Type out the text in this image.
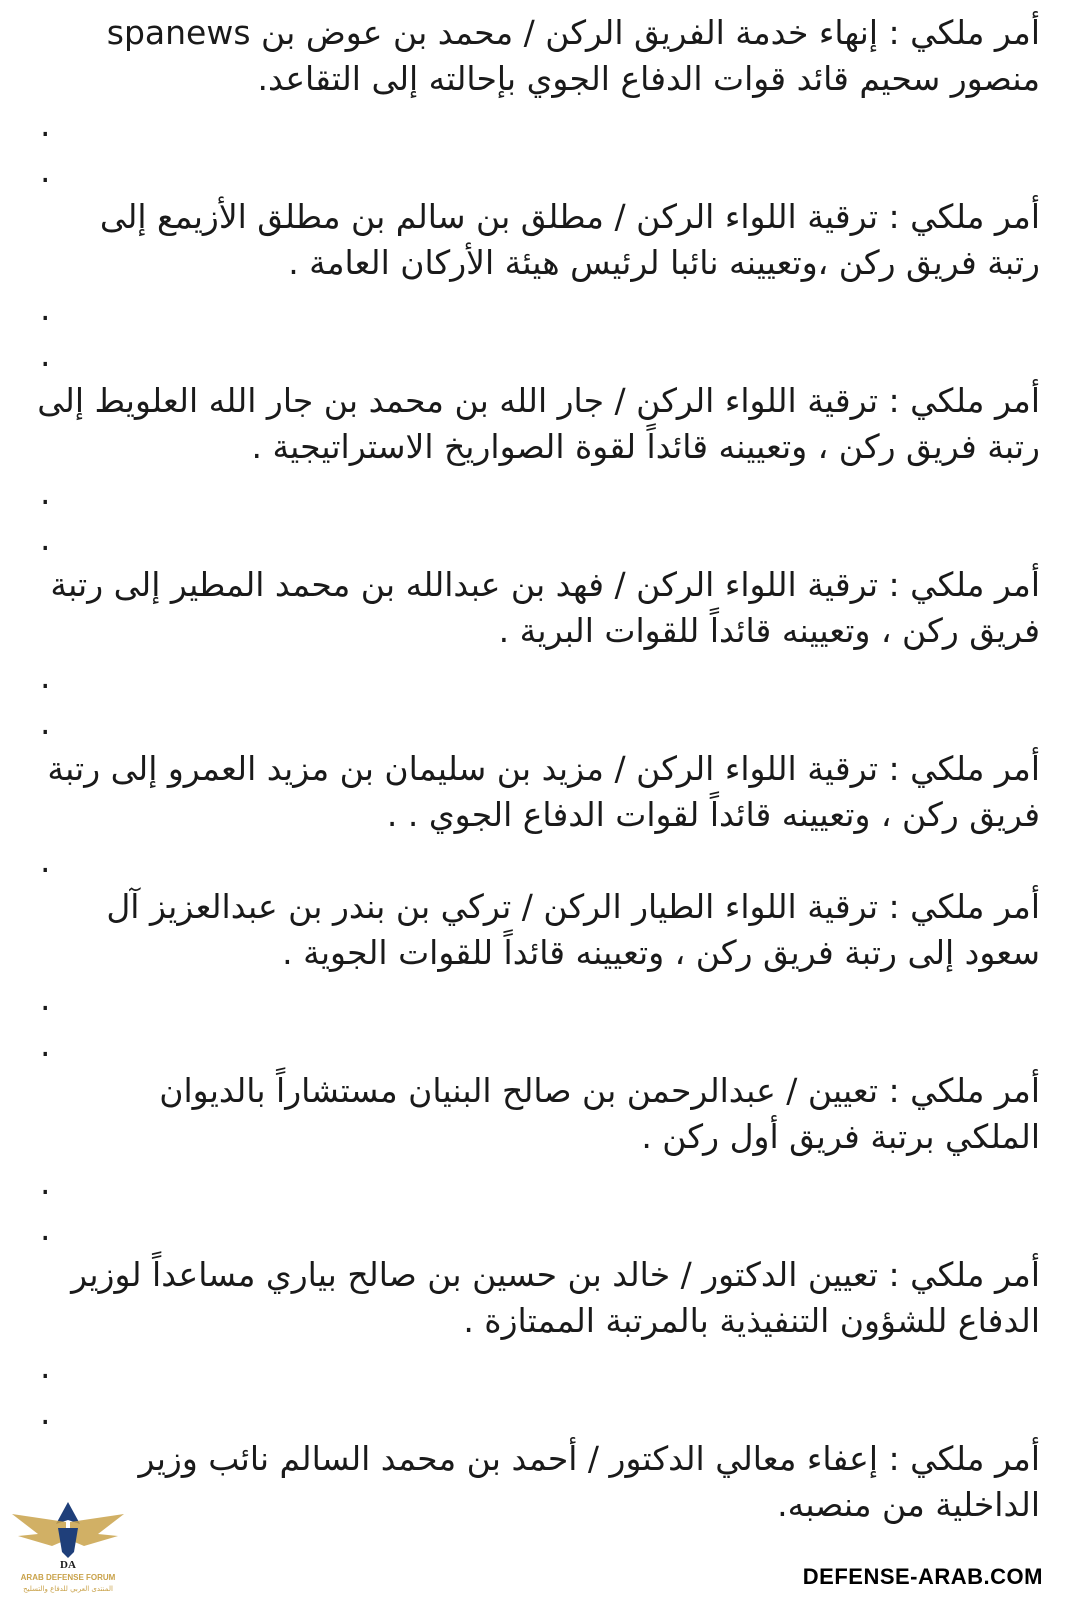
أمر ملكي : إنهاء خدمة الفريق الركن / محمد بن عوض بن spanews
منصور سحيم قائد قوات الدفاع الجوي بإحالته إلى التقاعد.
.
.
أمر ملكي : ترقية اللواء الركن / مطلق بن سالم بن مطلق الأزيمع إلى
رتبة فريق ركن ،وتعيينه نائبا لرئيس هيئة الأركان العامة .
.
.
أمر ملكي : ترقية اللواء الركن / جار الله بن محمد بن جار الله العلويط إلى
رتبة فريق ركن ، وتعيينه قائداً لقوة الصواريخ الاستراتيجية .
.
.
أمر ملكي : ترقية اللواء الركن / فهد بن عبدالله بن محمد المطير إلى رتبة
فريق ركن ، وتعيينه قائداً للقوات البرية .
.
.
أمر ملكي : ترقية اللواء الركن / مزيد بن سليمان بن مزيد العمرو إلى رتبة
فريق ركن ، وتعيينه قائداً لقوات الدفاع الجوي . .
.
أمر ملكي : ترقية اللواء الطيار الركن / تركي بن بندر بن عبدالعزيز آل
سعود إلى رتبة فريق ركن ، وتعيينه قائداً للقوات الجوية .
.
.
أمر ملكي : تعيين / عبدالرحمن بن صالح البنيان مستشاراً بالديوان
الملكي برتبة فريق أول ركن .
.
.
أمر ملكي : تعيين الدكتور / خالد بن حسين بن صالح بياري مساعداً لوزير
الدفاع للشؤون التنفيذية بالمرتبة الممتازة .
.
.
أمر ملكي : إعفاء معالي الدكتور / أحمد بن محمد السالم نائب وزير
الداخلية من منصبه.
DA
ARAB DEFENSE FORUM
المنتدى العربي للدفاع والتسليح	DEFENSE-ARAB.COM
